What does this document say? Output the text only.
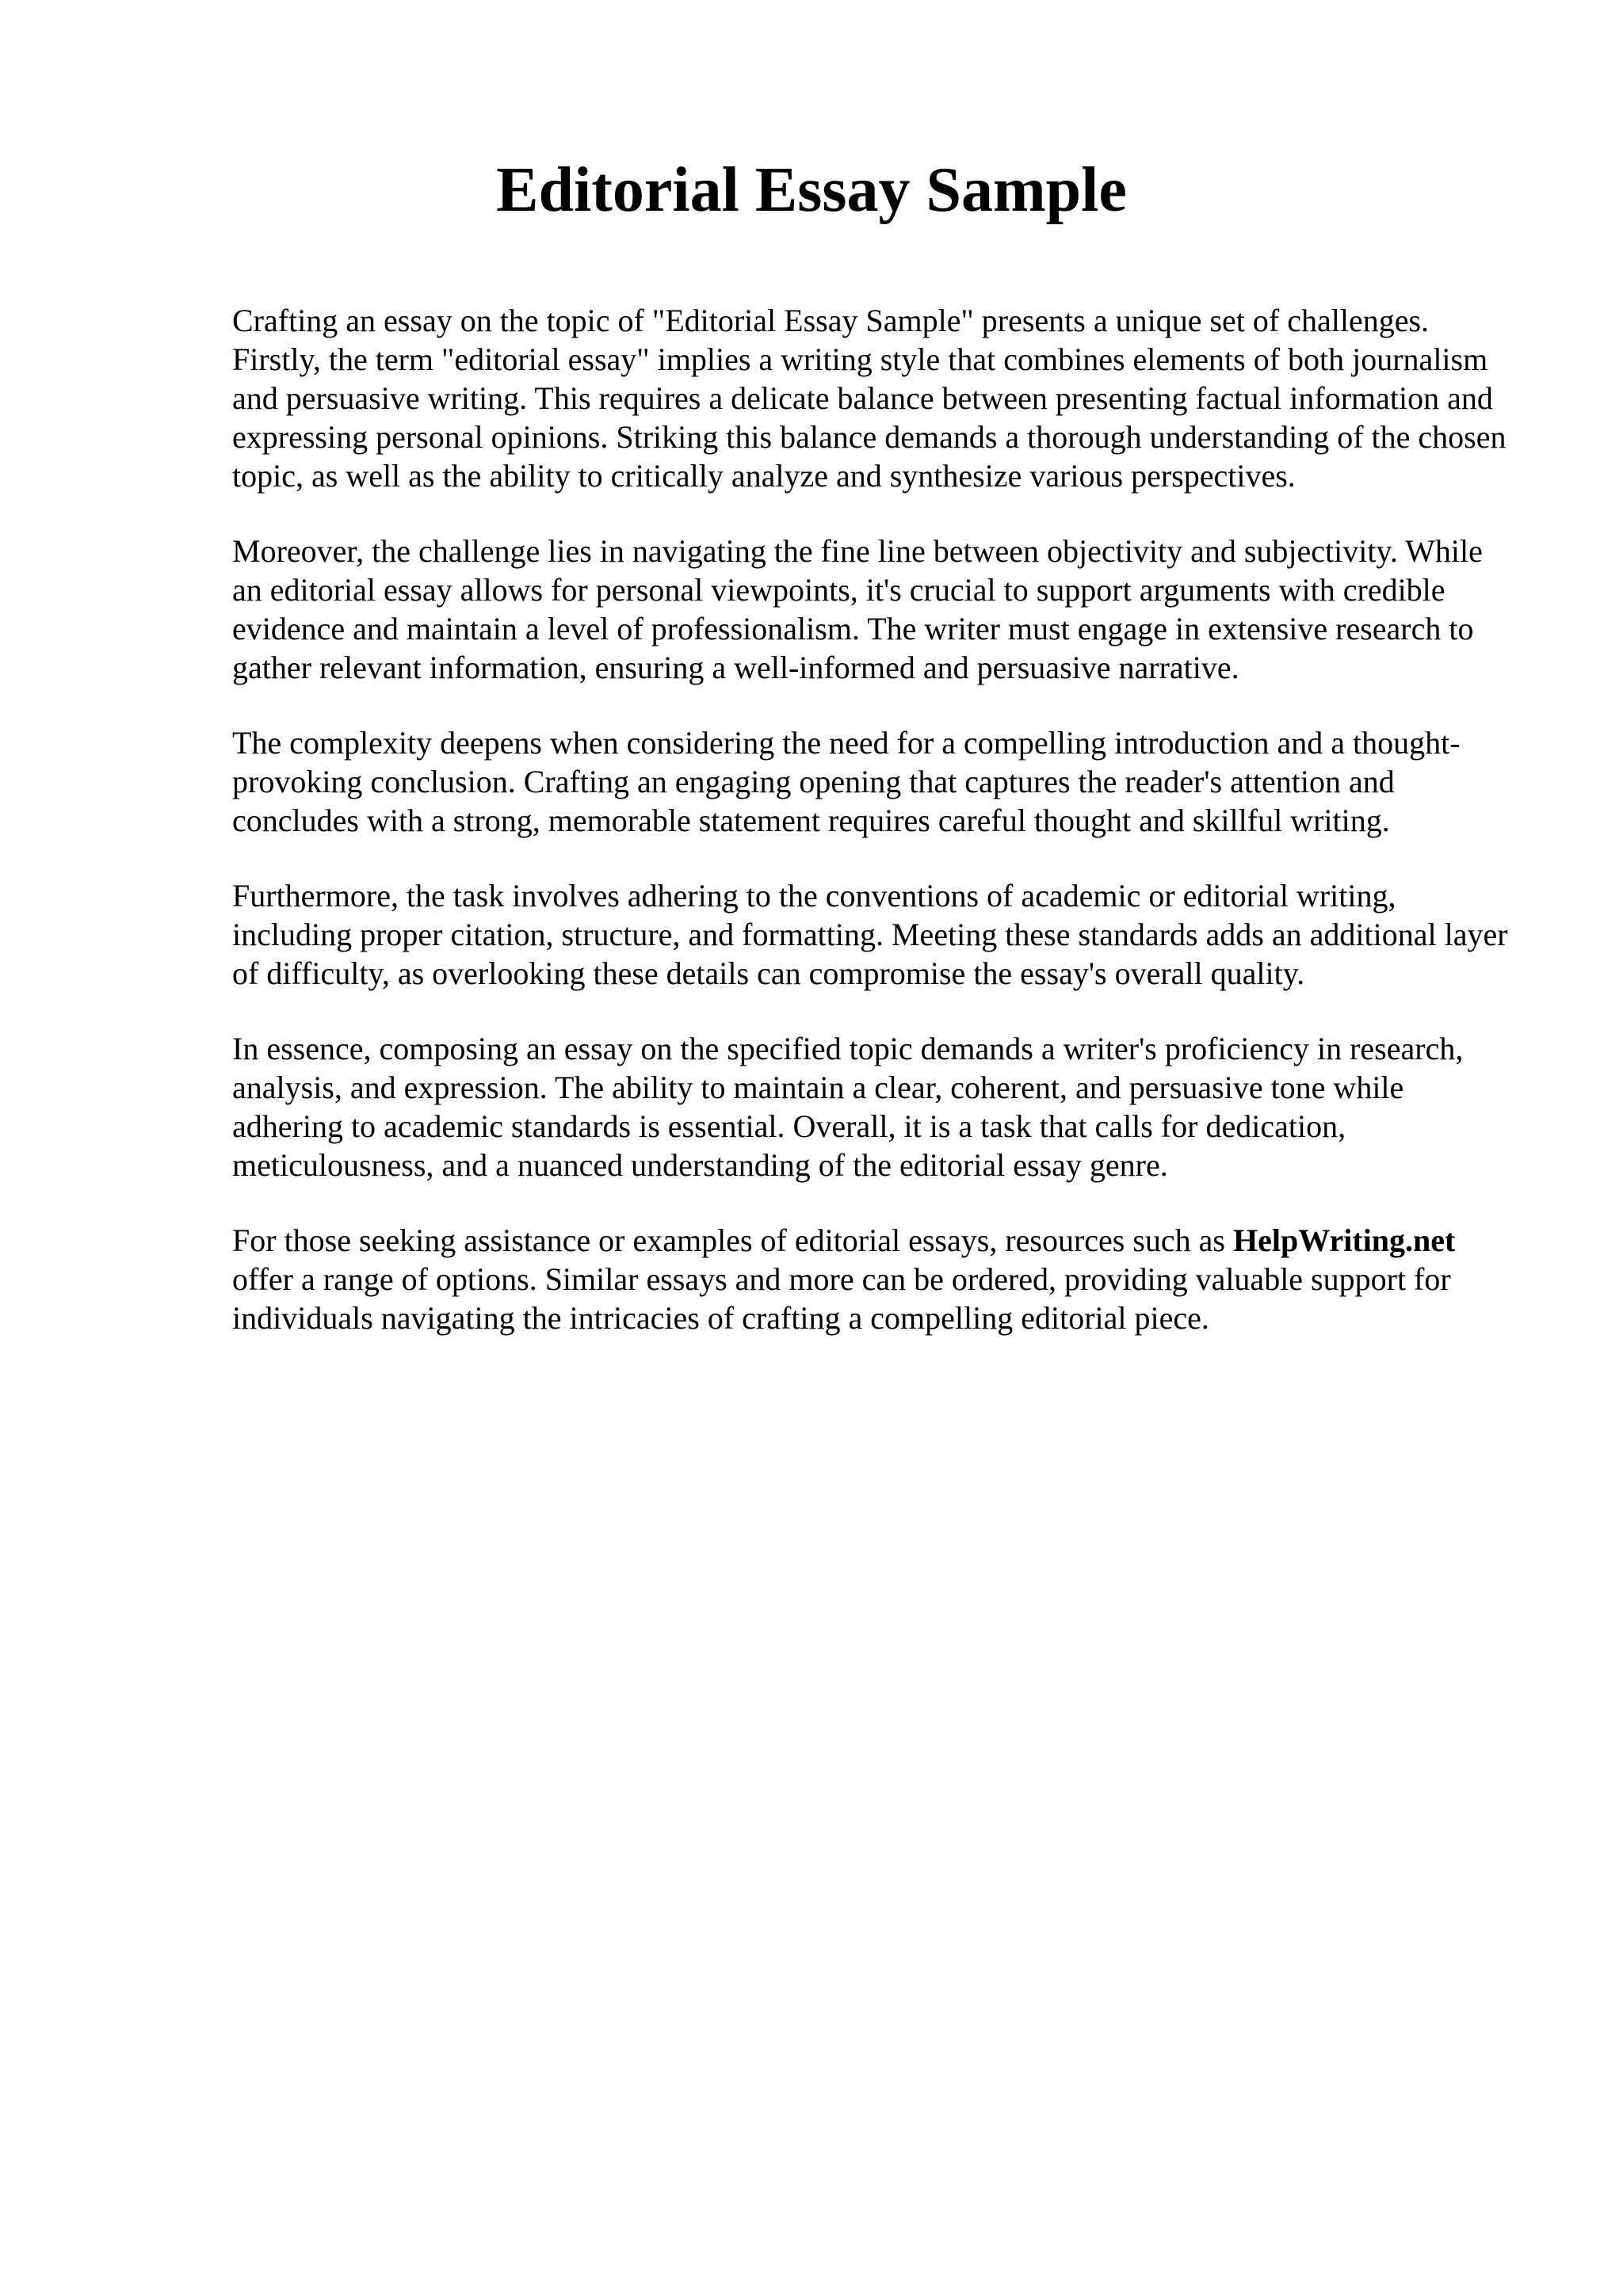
Editorial Essay Sample

Crafting an essay on the topic of "Editorial Essay Sample" presents a unique set of challenges. Firstly, the term "editorial essay" implies a writing style that combines elements of both journalism and persuasive writing. This requires a delicate balance between presenting factual information and expressing personal opinions. Striking this balance demands a thorough understanding of the chosen topic, as well as the ability to critically analyze and synthesize various perspectives.

Moreover, the challenge lies in navigating the fine line between objectivity and subjectivity. While an editorial essay allows for personal viewpoints, it's crucial to support arguments with credible evidence and maintain a level of professionalism. The writer must engage in extensive research to gather relevant information, ensuring a well-informed and persuasive narrative.

The complexity deepens when considering the need for a compelling introduction and a thought-provoking conclusion. Crafting an engaging opening that captures the reader's attention and concludes with a strong, memorable statement requires careful thought and skillful writing.

Furthermore, the task involves adhering to the conventions of academic or editorial writing, including proper citation, structure, and formatting. Meeting these standards adds an additional layer of difficulty, as overlooking these details can compromise the essay's overall quality.

In essence, composing an essay on the specified topic demands a writer's proficiency in research, analysis, and expression. The ability to maintain a clear, coherent, and persuasive tone while adhering to academic standards is essential. Overall, it is a task that calls for dedication, meticulousness, and a nuanced understanding of the editorial essay genre.

For those seeking assistance or examples of editorial essays, resources such as HelpWriting.net offer a range of options. Similar essays and more can be ordered, providing valuable support for individuals navigating the intricacies of crafting a compelling editorial piece.
